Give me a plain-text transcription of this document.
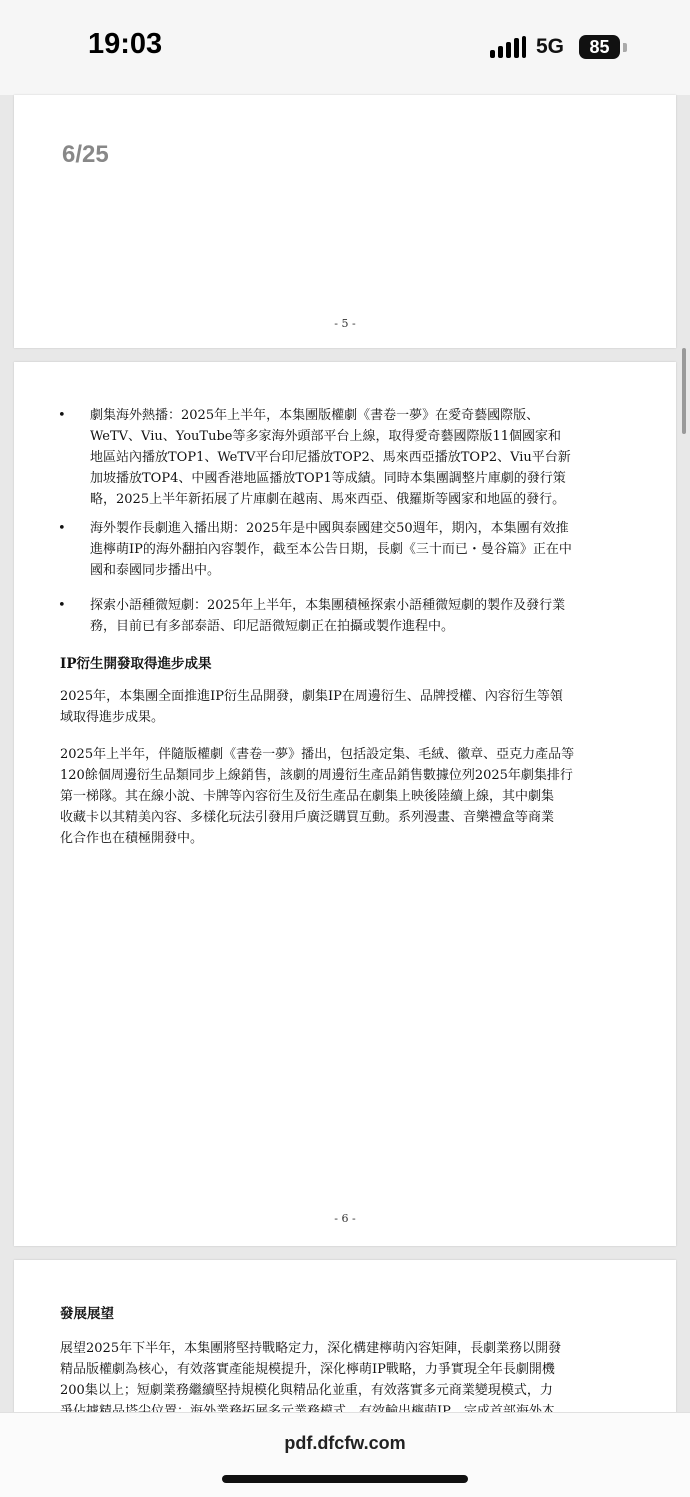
19:03	5G	85
6/25
- 5 -
• 劇集海外熱播：2025年上半年，本集團版權劇《書卷一夢》在愛奇藝國際版、
WeTV、Viu、YouTube等多家海外頭部平台上線，取得愛奇藝國際版11個國家和
地區站內播放TOP1、WeTV平台印尼播放TOP2、馬來西亞播放TOP2、Viu平台新
加坡播放TOP4、中國香港地區播放TOP1等成績。同時本集團調整片庫劇的發行策
略，2025上半年新拓展了片庫劇在越南、馬來西亞、俄羅斯等國家和地區的發行。
• 海外製作長劇進入播出期：2025年是中國與泰國建交50週年，期內，本集團有效推
進檸萌IP的海外翻拍內容製作，截至本公告日期，長劇《三十而已・曼谷篇》正在中
國和泰國同步播出中。
• 探索小語種微短劇：2025年上半年，本集團積極探索小語種微短劇的製作及發行業
務，目前已有多部泰語、印尼語微短劇正在拍攝或製作進程中。
IP衍生開發取得進步成果
2025年，本集團全面推進IP衍生品開發，劇集IP在周邊衍生、品牌授權、內容衍生等領
域取得進步成果。
2025年上半年，伴隨版權劇《書卷一夢》播出，包括設定集、毛絨、徽章、亞克力產品等
120餘個周邊衍生品類同步上線銷售，該劇的周邊衍生產品銷售數據位列2025年劇集排行
第一梯隊。其在線小說、卡牌等內容衍生及衍生產品在劇集上映後陸續上線，其中劇集
收藏卡以其精美內容、多樣化玩法引發用戶廣泛購買互動。系列漫畫、音樂禮盒等商業
化合作也在積極開發中。
- 6 -
發展展望
展望2025年下半年，本集團將堅持戰略定力，深化構建檸萌內容矩陣，長劇業務以開發
精品版權劇為核心，有效落實產能規模提升，深化檸萌IP戰略，力爭實現全年長劇開機
200集以上；短劇業務繼續堅持規模化與精品化並重，有效落實多元商業變現模式，力
pdf.dfcfw.com
